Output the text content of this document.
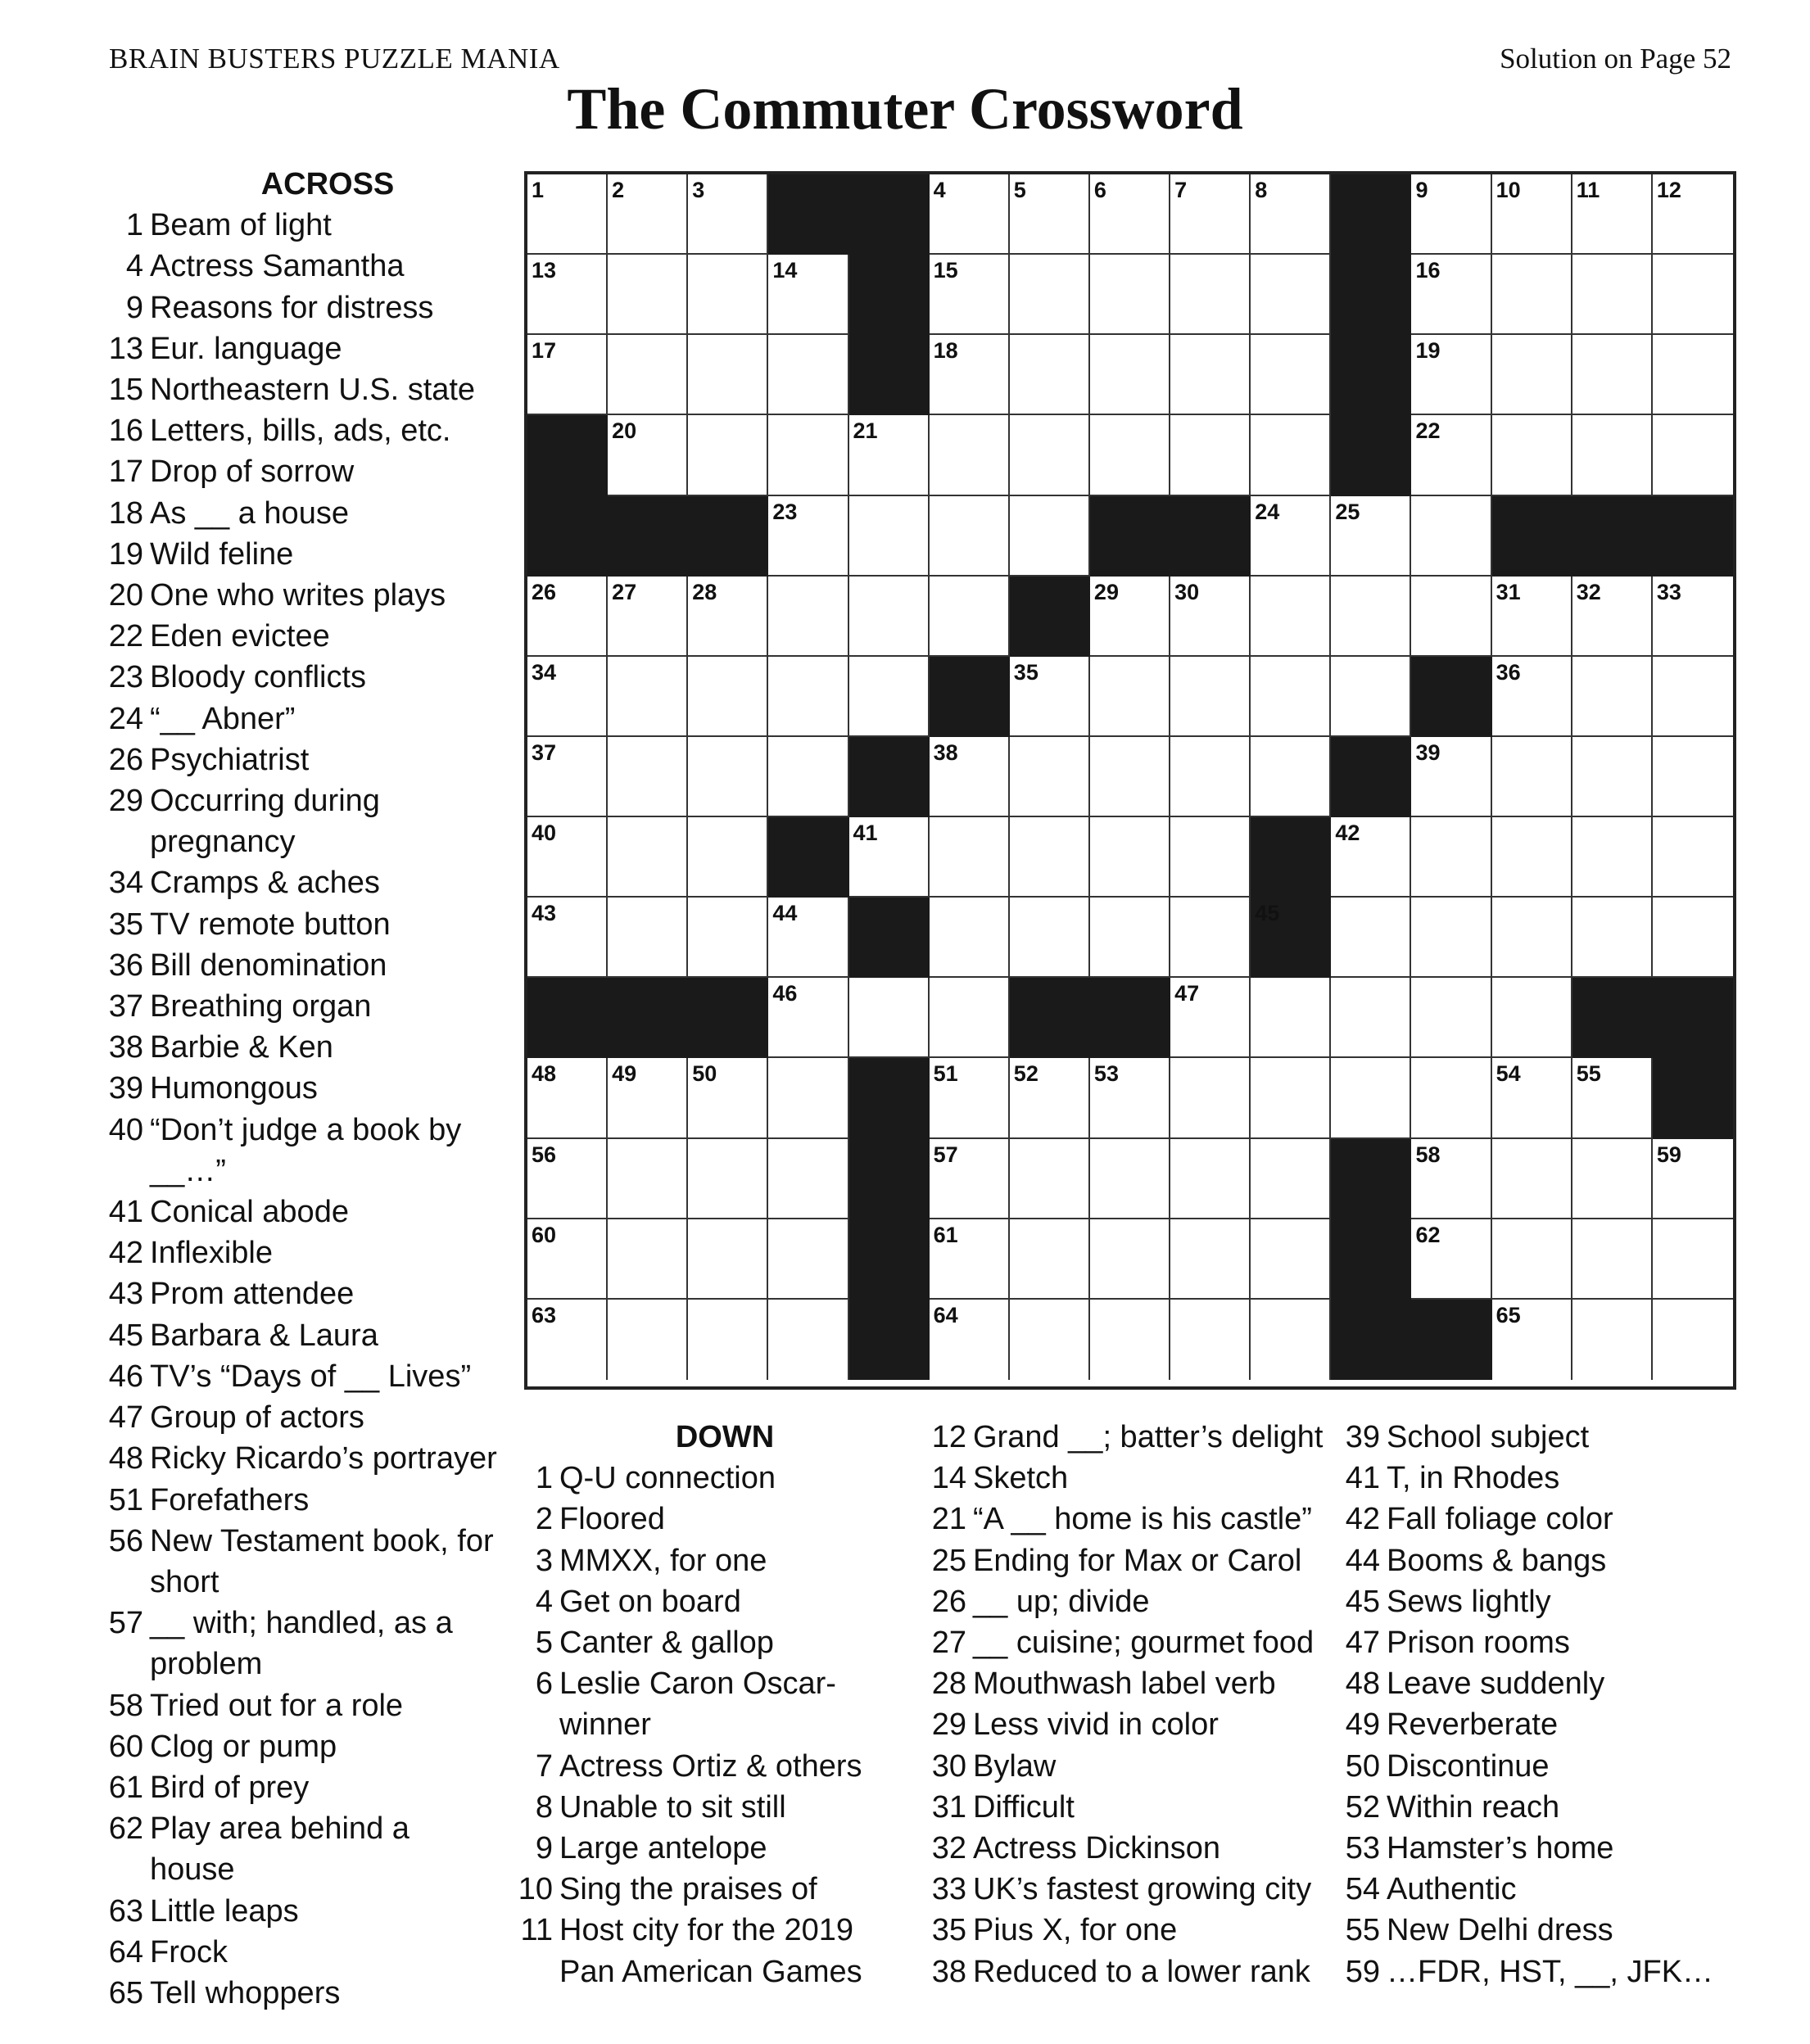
BRAIN BUSTERS PUZZLE MANIA	Solution on Page 52
The Commuter Crossword
1	2	3	4	5	6	7	8	9	10	11	12
13	14	15	16
17	18	19
20	21	22
23	24	25
26	27	28	29	30	31	32	33
34	35	36
37	38	39
40	41	42
43	44	45
46	47
48	49	50	51	52	53	54	55
56	57	58	59
60	61	62
63	64	65
ACROSS
1 Beam of light
4 Actress Samantha
9 Reasons for distress
13 Eur. language
15 Northeastern U.S. state
16 Letters, bills, ads, etc.
17 Drop of sorrow
18 As __ a house
19 Wild feline
20 One who writes plays
22 Eden evictee
23 Bloody conflicts
24 “__ Abner”
26 Psychiatrist
29 Occurring during pregnancy
34 Cramps & aches
35 TV remote button
36 Bill denomination
37 Breathing organ
38 Barbie & Ken
39 Humongous
40 “Don’t judge a book by __…”
41 Conical abode
42 Inflexible
43 Prom attendee
45 Barbara & Laura
46 TV’s “Days of __ Lives”
47 Group of actors
48 Ricky Ricardo’s portrayer
51 Forefathers
56 New Testament book, for short
57 __ with; handled, as a problem
58 Tried out for a role
60 Clog or pump
61 Bird of prey
62 Play area behind a house
63 Little leaps
64 Frock
65 Tell whoppers
DOWN
1 Q-U connection
2 Floored
3 MMXX, for one
4 Get on board
5 Canter & gallop
6 Leslie Caron Oscar-winner
7 Actress Ortiz & others
8 Unable to sit still
9 Large antelope
10 Sing the praises of
11 Host city for the 2019 Pan American Games
12 Grand __; batter’s delight
14 Sketch
21 “A __ home is his castle”
25 Ending for Max or Carol
26 __ up; divide
27 __ cuisine; gourmet food
28 Mouthwash label verb
29 Less vivid in color
30 Bylaw
31 Difficult
32 Actress Dickinson
33 UK’s fastest growing city
35 Pius X, for one
38 Reduced to a lower rank
39 School subject
41 T, in Rhodes
42 Fall foliage color
44 Booms & bangs
45 Sews lightly
47 Prison rooms
48 Leave suddenly
49 Reverberate
50 Discontinue
52 Within reach
53 Hamster’s home
54 Authentic
55 New Delhi dress
59 …FDR, HST, __, JFK…
